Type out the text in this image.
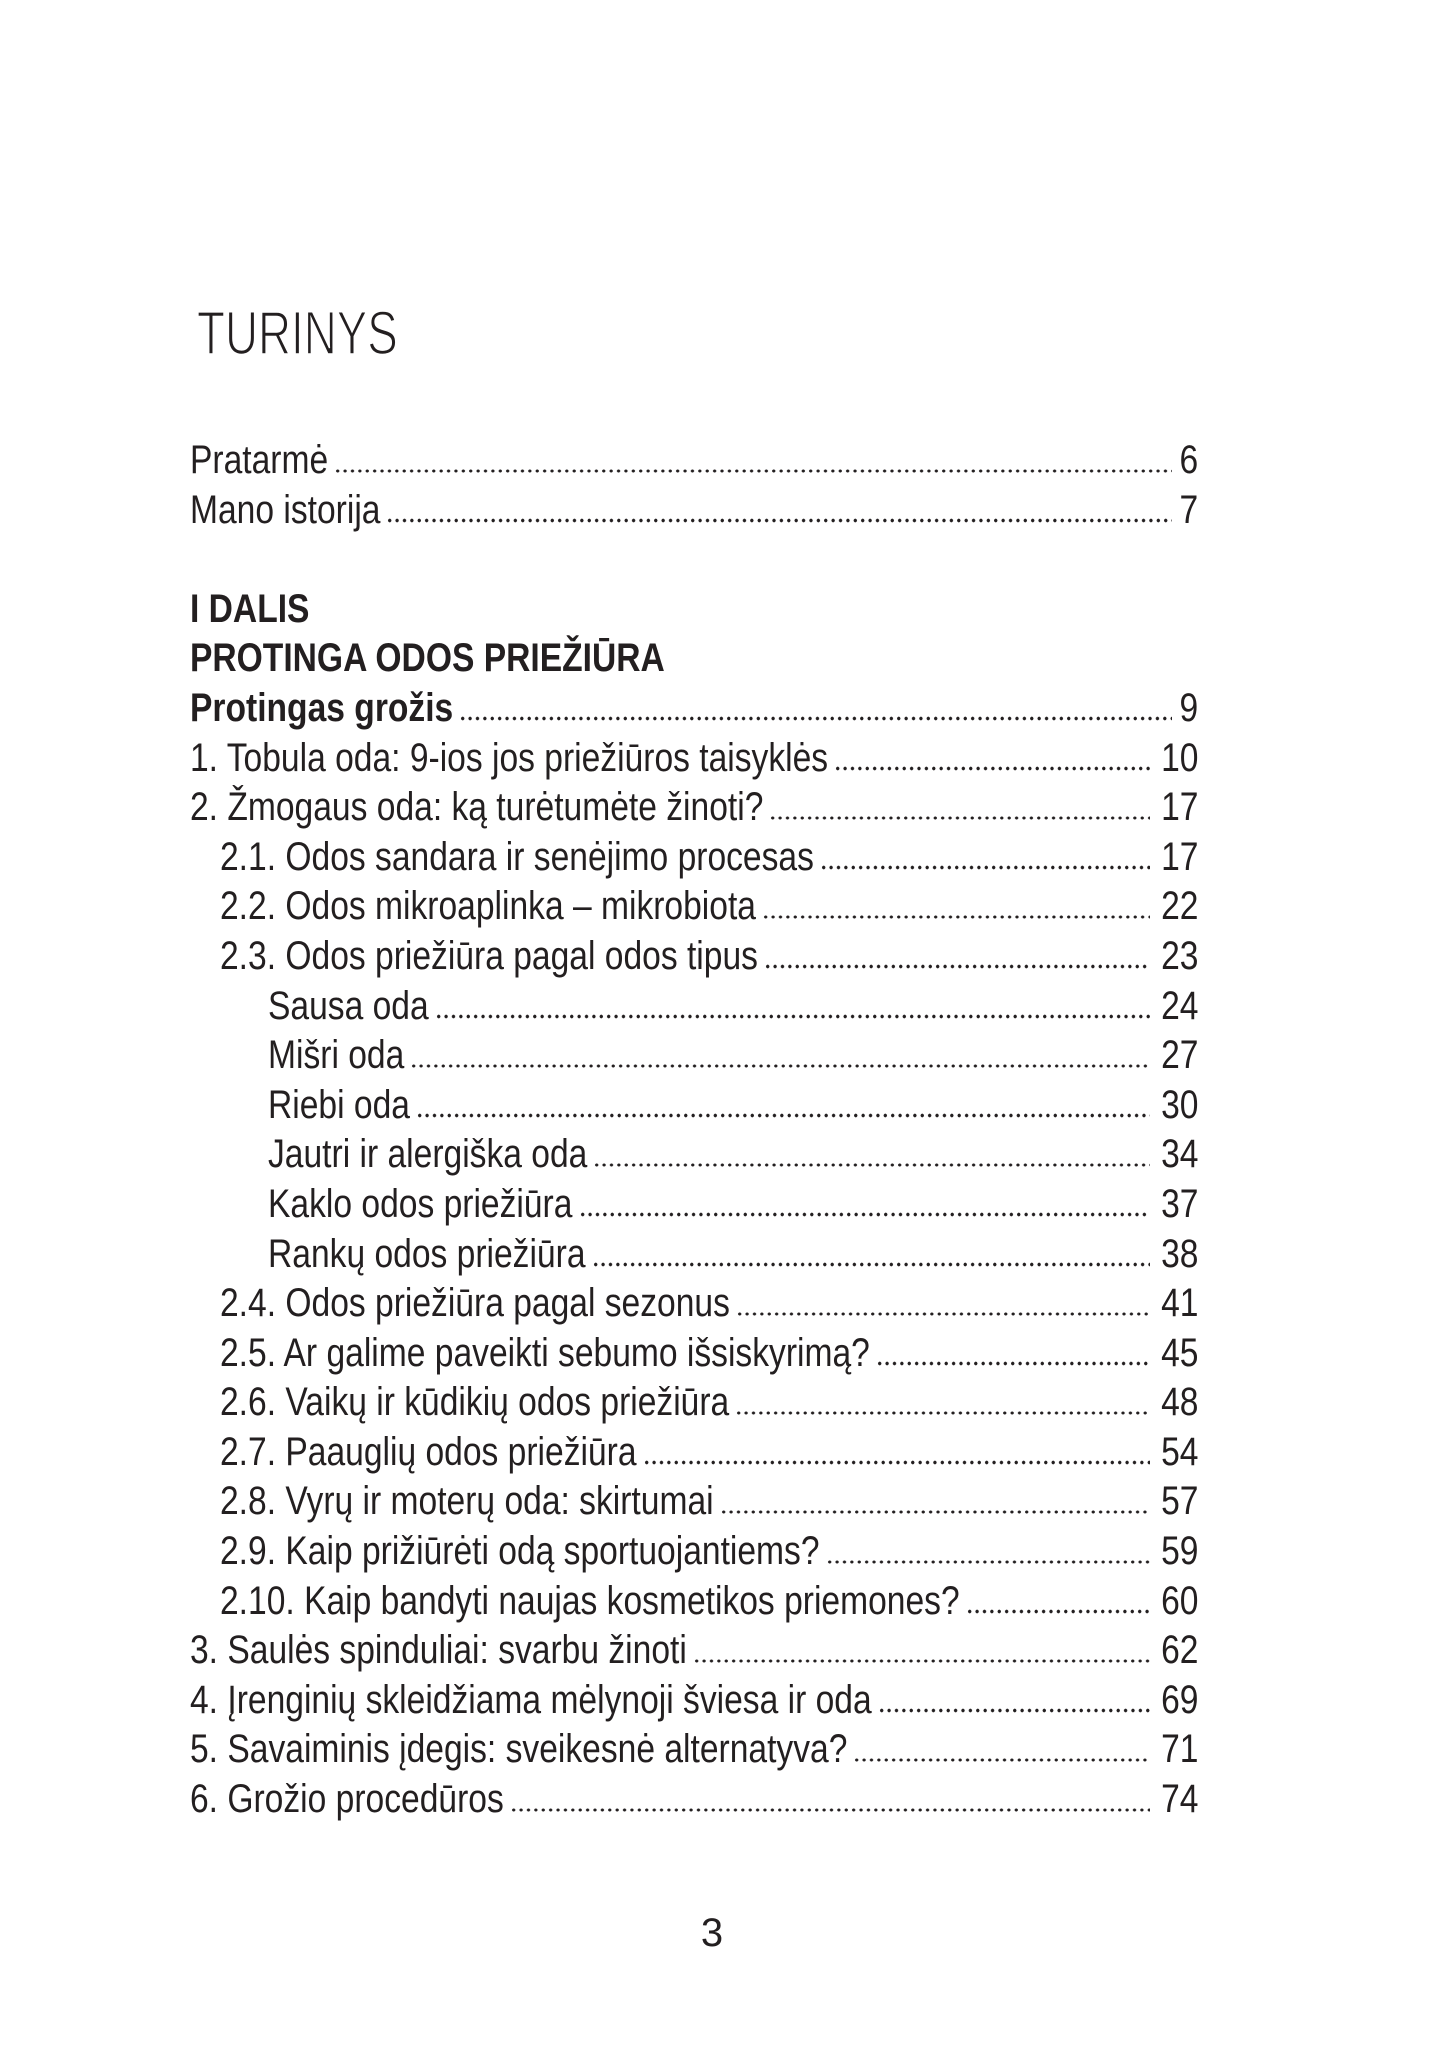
TURINYS
Pratarmė	6
Mano istorija	7
I DALIS
PROTINGA ODOS PRIEŽIŪRA
Protingas grožis	9
1. Tobula oda: 9-ios jos priežiūros taisyklės	10
2. Žmogaus oda: ką turėtumėte žinoti?	17
2.1. Odos sandara ir senėjimo procesas	17
2.2. Odos mikroaplinka – mikrobiota	22
2.3. Odos priežiūra pagal odos tipus	23
Sausa oda	24
Mišri oda	27
Riebi oda	30
Jautri ir alergiška oda	34
Kaklo odos priežiūra	37
Rankų odos priežiūra	38
2.4. Odos priežiūra pagal sezonus	41
2.5. Ar galime paveikti sebumo išsiskyrimą?	45
2.6. Vaikų ir kūdikių odos priežiūra	48
2.7. Paauglių odos priežiūra	54
2.8. Vyrų ir moterų oda: skirtumai	57
2.9. Kaip prižiūrėti odą sportuojantiems?	59
2.10. Kaip bandyti naujas kosmetikos priemones?	60
3. Saulės spinduliai: svarbu žinoti	62
4. Įrenginių skleidžiama mėlynoji šviesa ir oda	69
5. Savaiminis įdegis: sveikesnė alternatyva?	71
6. Grožio procedūros	74
3
